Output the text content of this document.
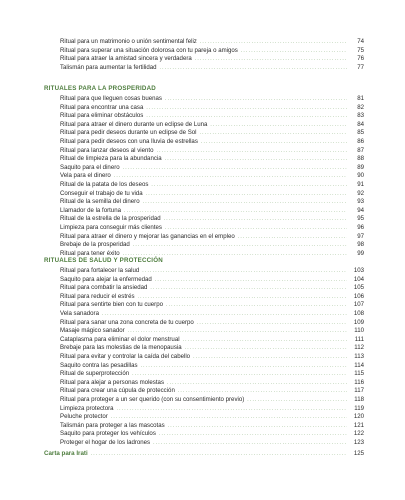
Ritual para un matrimonio o unión sentimental feliz .....	74
Ritual para superar una situación dolorosa con tu pareja o amigos .....	75
Ritual para atraer la amistad sincera y verdadera .....	76
Talismán para aumentar la fertilidad .....	77
RITUALES PARA LA PROSPERIDAD
Ritual para que lleguen cosas buenas .....	81
Ritual para encontrar una casa .....	82
Ritual para eliminar obstáculos .....	83
Ritual para atraer el dinero durante un eclipse de Luna .....	84
Ritual para pedir deseos durante un eclipse de Sol .....	85
Ritual para pedir deseos con una lluvia de estrellas .....	86
Ritual para lanzar deseos al viento .....	87
Ritual de limpieza para la abundancia .....	88
Saquito para el dinero .....	89
Vela para el dinero .....	90
Ritual de la patata de los deseos .....	91
Conseguir el trabajo de tu vida .....	92
Ritual de la semilla del dinero .....	93
Llamador de la fortuna .....	94
Ritual de la estrella de la prosperidad .....	95
Limpieza para conseguir más clientes .....	96
Ritual para atraer el dinero y mejorar las ganancias en el empleo .....	97
Brebaje de la prosperidad .....	98
Ritual para tener éxito .....	99
RITUALES DE SALUD Y PROTECCIÓN
Ritual para fortalecer la salud .....	103
Saquito para alejar la enfermedad .....	104
Ritual para combatir la ansiedad .....	105
Ritual para reducir el estrés .....	106
Ritual para sentirte bien con tu cuerpo .....	107
Vela sanadora .....	108
Ritual para sanar una zona concreta de tu cuerpo .....	109
Masaje mágico sanador .....	110
Cataplasma para eliminar el dolor menstrual .....	111
Brebaje para las molestias de la menopausia .....	112
Ritual para evitar y controlar la caída del cabello .....	113
Saquito contra las pesadillas .....	114
Ritual de superprotección .....	115
Ritual para alejar a personas molestas .....	116
Ritual para crear una cúpula de protección .....	117
Ritual para proteger a un ser querido (con su consentimiento previo) .....	118
Limpieza protectora .....	119
Peluche protector .....	120
Talismán para proteger a las mascotas .....	121
Saquito para proteger los vehículos .....	122
Proteger el hogar de los ladrones .....	123
Carta para Irati .....	125
